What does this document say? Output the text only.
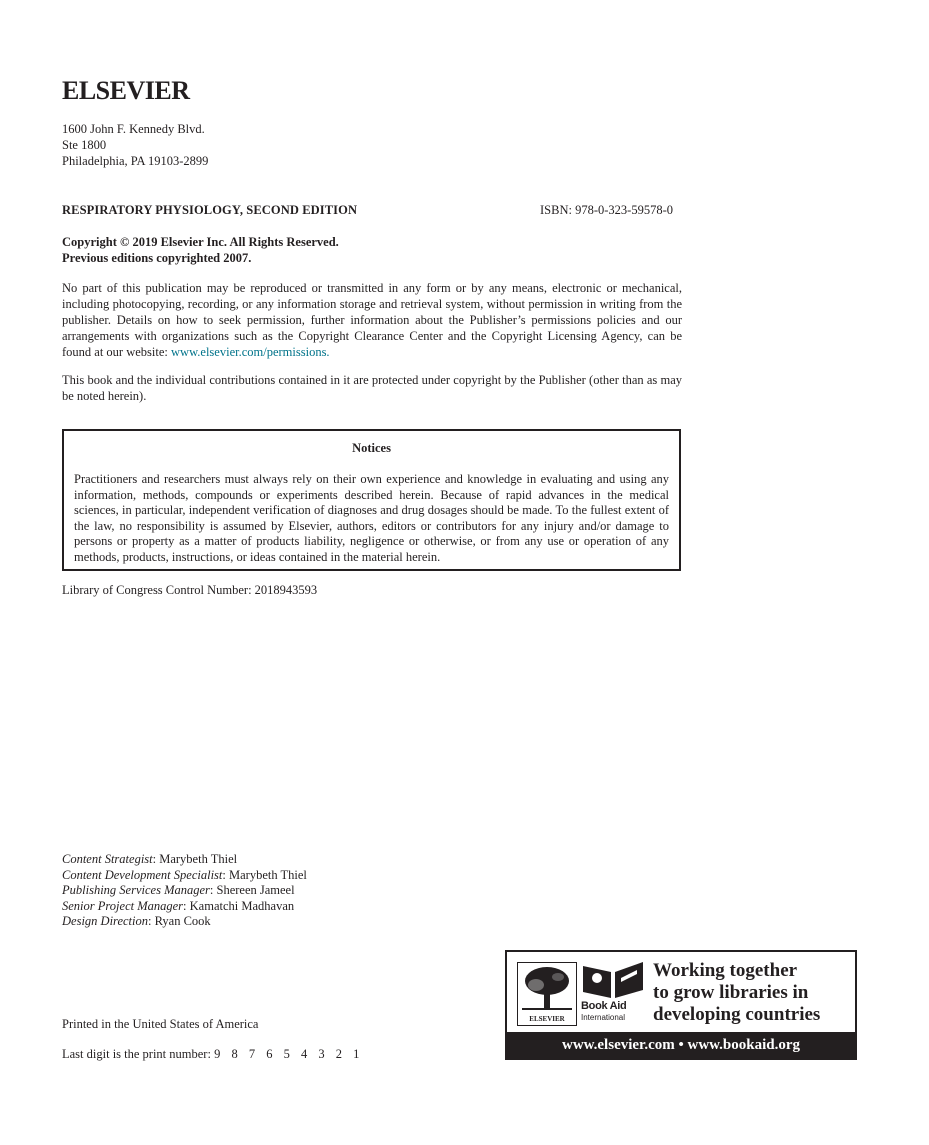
ELSEVIER
1600 John F. Kennedy Blvd.
Ste 1800
Philadelphia, PA 19103-2899
RESPIRATORY PHYSIOLOGY, SECOND EDITION	ISBN: 978-0-323-59578-0
Copyright © 2019 Elsevier Inc. All Rights Reserved.
Previous editions copyrighted 2007.
No part of this publication may be reproduced or transmitted in any form or by any means, electronic or mechanical, including photocopying, recording, or any information storage and retrieval system, without permission in writing from the publisher. Details on how to seek permission, further information about the Publisher’s permissions policies and our arrangements with organizations such as the Copyright Clearance Center and the Copyright Licensing Agency, can be found at our website: www.elsevier.com/permissions.
This book and the individual contributions contained in it are protected under copyright by the Publisher (other than as may be noted herein).
Notices
Practitioners and researchers must always rely on their own experience and knowledge in evaluating and using any information, methods, compounds or experiments described herein. Because of rapid advances in the medical sciences, in particular, independent verification of diagnoses and drug dosages should be made. To the fullest extent of the law, no responsibility is assumed by Elsevier, authors, editors or contributors for any injury and/or damage to persons or property as a matter of products liability, negligence or otherwise, or from any use or operation of any methods, products, instructions, or ideas contained in the material herein.
Library of Congress Control Number: 2018943593
Content Strategist: Marybeth Thiel
Content Development Specialist: Marybeth Thiel
Publishing Services Manager: Shereen Jameel
Senior Project Manager: Kamatchi Madhavan
Design Direction: Ryan Cook
Printed in the United States of America
Last digit is the print number: 9 8 7 6 5 4 3 2 1
ELSEVIER
Book Aid
International
Working together
to grow libraries in
developing countries
www.elsevier.com • www.bookaid.org
